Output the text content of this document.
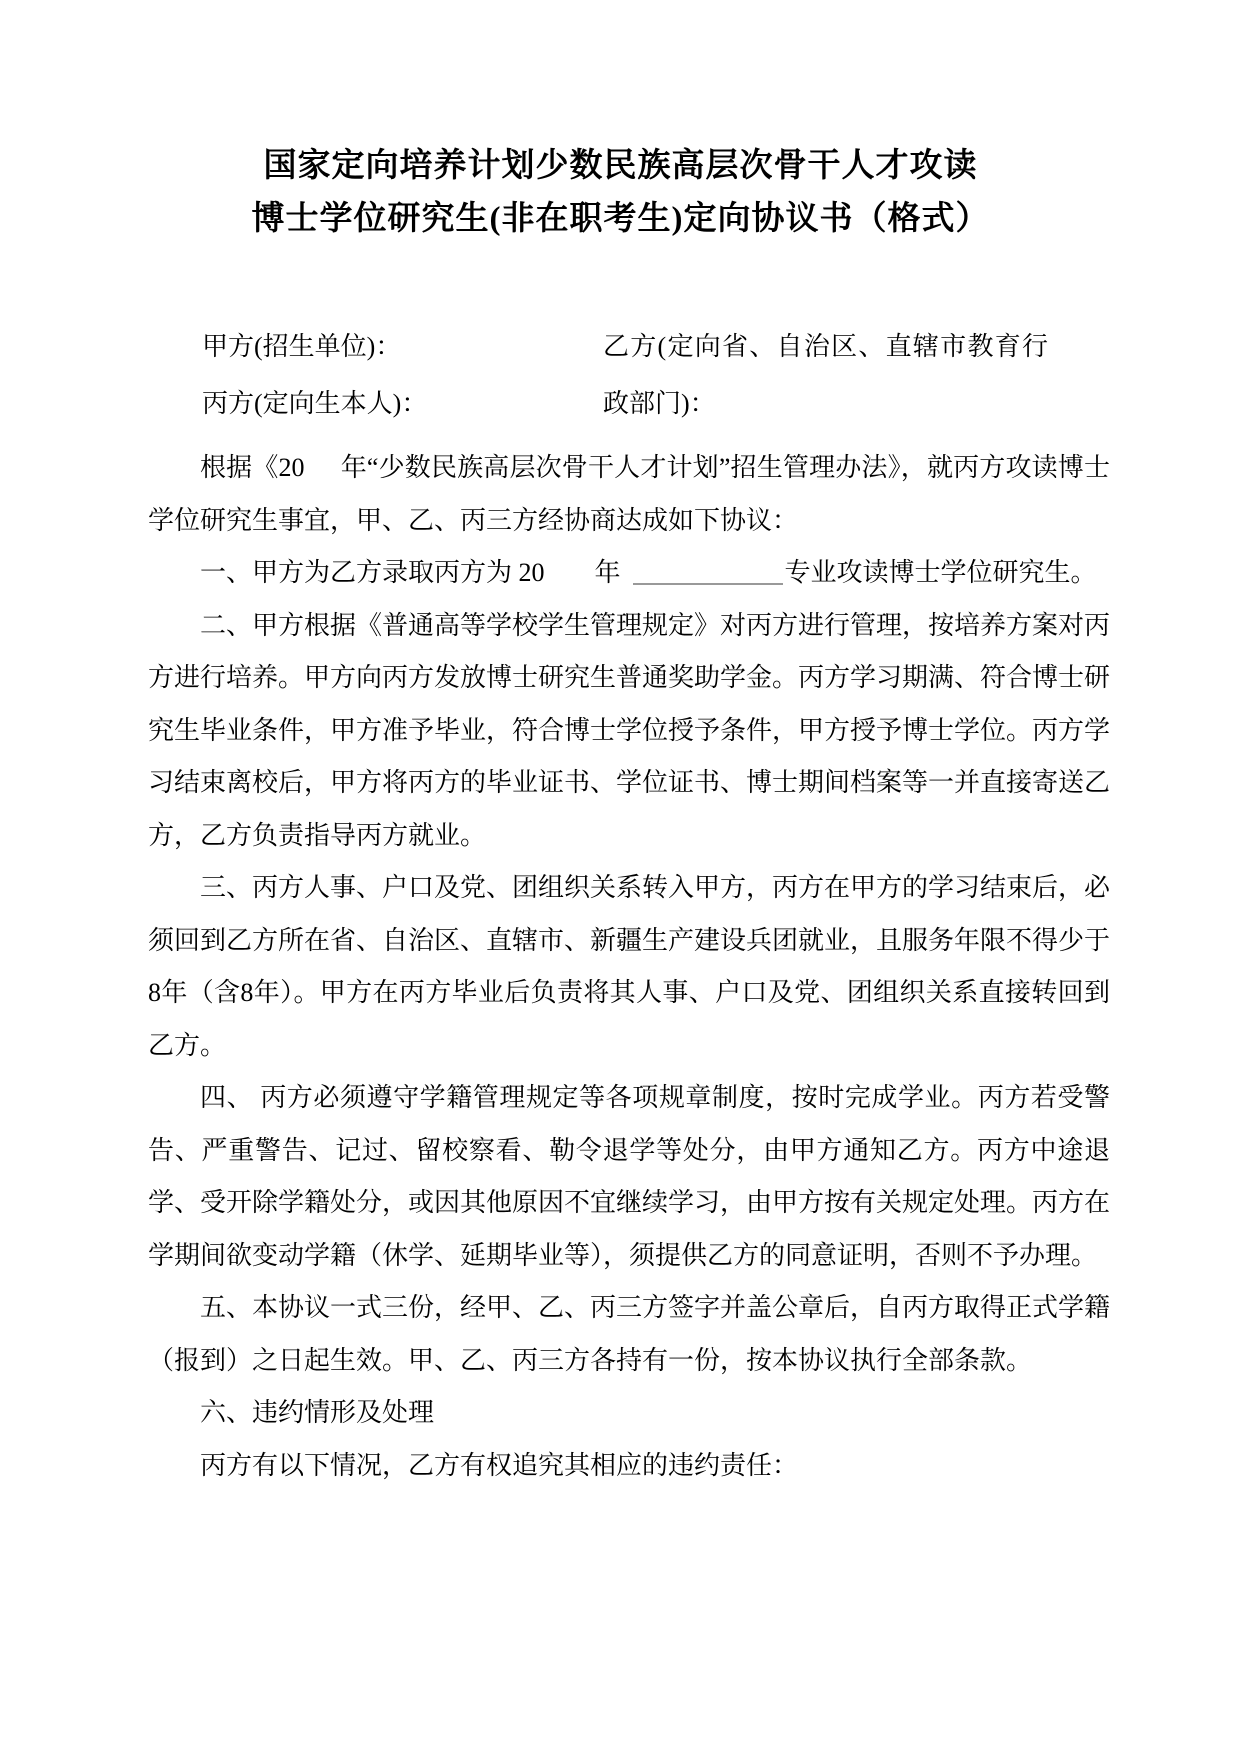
国家定向培养计划少数民族高层次骨干人才攻读
博士学位研究生(非在职考生)定向协议书（格式）
甲方(招生单位)：	乙方(定向省、自治区、直辖市教育行政部门)：
丙方(定向生本人)：

根据《20 年“少数民族高层次骨干人才计划”招生管理办法》，就丙方攻读博士学位研究生事宜，甲、乙、丙三方经协商达成如下协议：

一、甲方为乙方录取丙方为 20 年	专业攻读博士学位研究生。

二、甲方根据《普通高等学校学生管理规定》对丙方进行管理，按培养方案对丙方进行培养。甲方向丙方发放博士研究生普通奖助学金。丙方学习期满、符合博士研究生毕业条件，甲方准予毕业，符合博士学位授予条件，甲方授予博士学位。丙方学习结束离校后，甲方将丙方的毕业证书、学位证书、博士期间档案等一并直接寄送乙方，乙方负责指导丙方就业。

三、丙方人事、户口及党、团组织关系转入甲方，丙方在甲方的学习结束后，必须回到乙方所在省、自治区、直辖市、新疆生产建设兵团就业，且服务年限不得少于8年（含8年）。甲方在丙方毕业后负责将其人事、户口及党、团组织关系直接转回到乙方。

四、 丙方必须遵守学籍管理规定等各项规章制度，按时完成学业。丙方若受警告、严重警告、记过、留校察看、勒令退学等处分，由甲方通知乙方。丙方中途退学、受开除学籍处分，或因其他原因不宜继续学习，由甲方按有关规定处理。丙方在学期间欲变动学籍（休学、延期毕业等），须提供乙方的同意证明，否则不予办理。

五、本协议一式三份，经甲、乙、丙三方签字并盖公章后，自丙方取得正式学籍（报到）之日起生效。甲、乙、丙三方各持有一份，按本协议执行全部条款。

六、违约情形及处理

丙方有以下情况，乙方有权追究其相应的违约责任：
